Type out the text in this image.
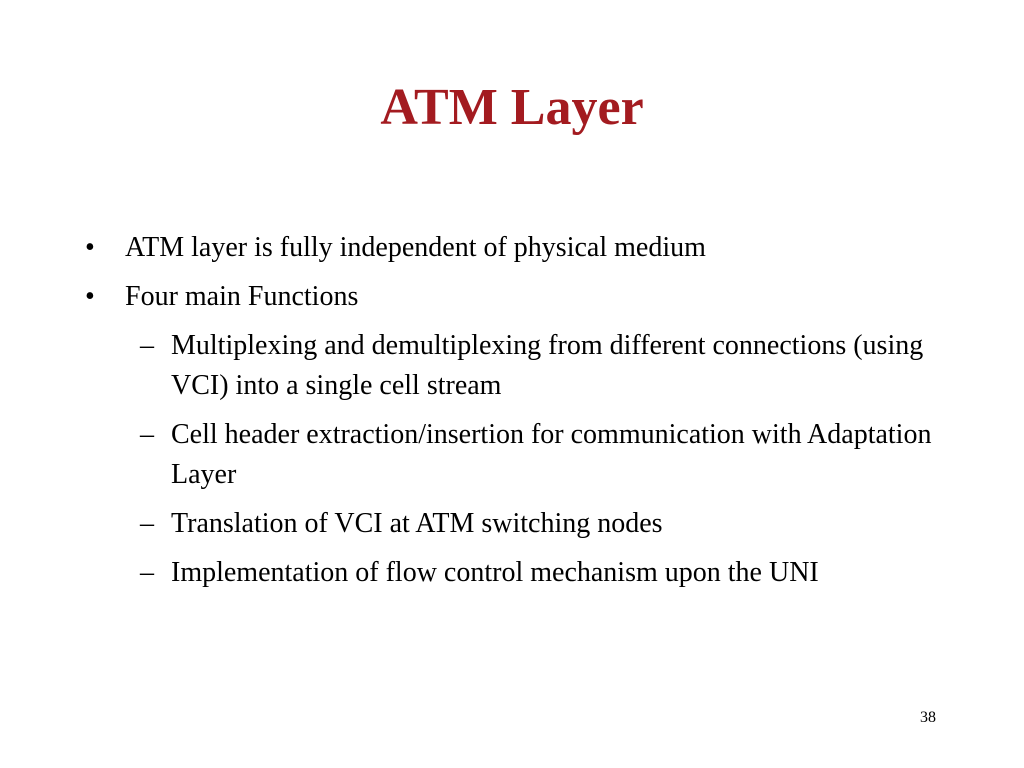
ATM Layer
• ATM layer is fully independent of physical medium
• Four main Functions
– Multiplexing and demultiplexing from different connections (using VCI) into a single cell stream
– Cell header extraction/insertion for communication with Adaptation Layer
– Translation of VCI at ATM switching nodes
– Implementation of flow control mechanism upon the UNI
38
